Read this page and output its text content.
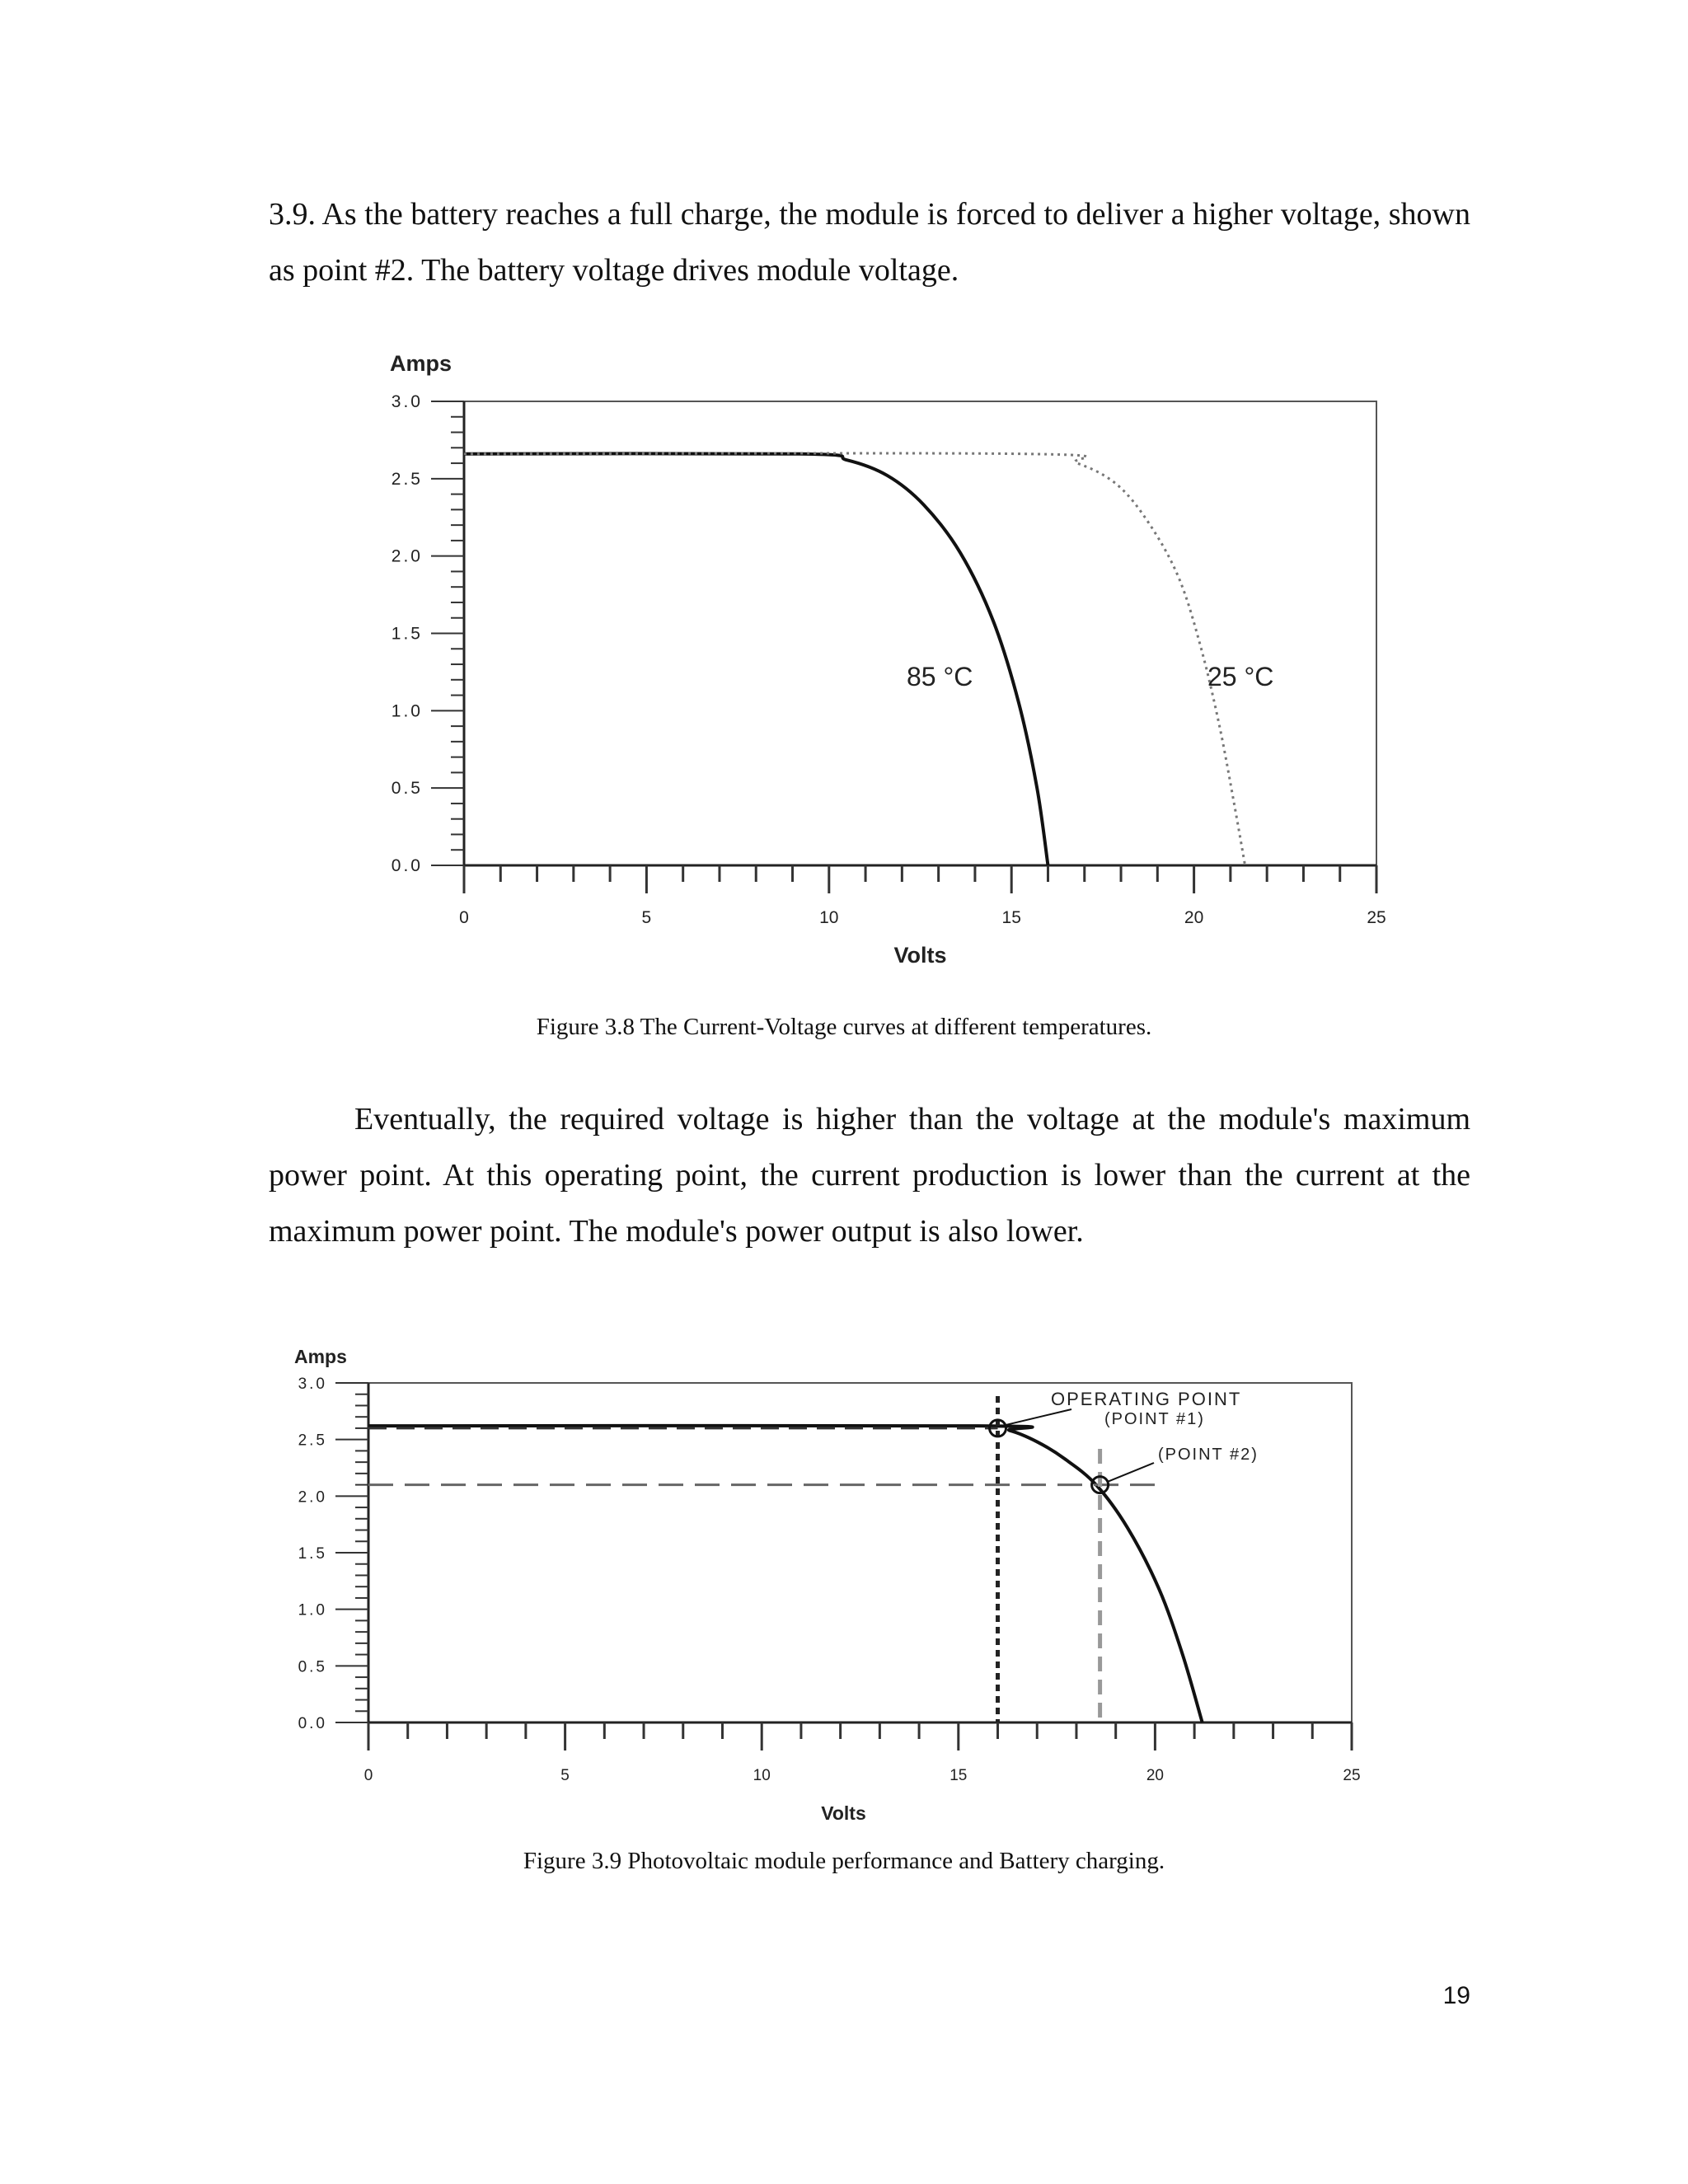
3.9. As the battery reaches a full charge, the module is forced to deliver a higher voltage, shown as point #2. The battery voltage drives module voltage.

0.0
0.5
1.0
1.5
2.0
2.5
3.0
0	5	10	15	20	25
Amps
Volts
85 °C	25 °C

Figure 3.8 The Current-Voltage curves at different temperatures.

Eventually, the required voltage is higher than the voltage at the module's maximum power point. At this operating point, the current production is lower than the current at the maximum power point. The module's power output is also lower.

0.0
0.5
1.0
1.5
2.0
2.5
3.0
0	5	10	15	20	25
Amps
Volts
OPERATING POINT
(POINT #1)
(POINT #2)

Figure 3.9 Photovoltaic module performance and Battery charging.

19
